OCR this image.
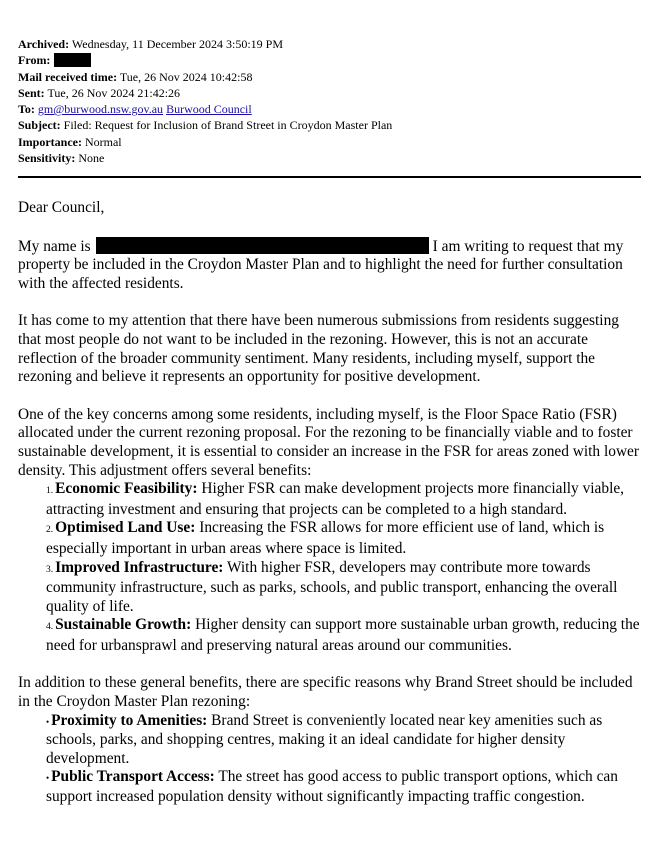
Archived: Wednesday, 11 December 2024 3:50:19 PM
From:
Mail received time: Tue, 26 Nov 2024 10:42:58
Sent: Tue, 26 Nov 2024 21:42:26
To: gm@burwood.nsw.gov.au Burwood Council
Subject: Filed: Request for Inclusion of Brand Street in Croydon Master Plan
Importance: Normal
Sensitivity: None

Dear Council,

My name is	I am writing to request that my property be included in the Croydon Master Plan and to highlight the need for further consultation with the affected residents.

It has come to my attention that there have been numerous submissions from residents suggesting that most people do not want to be included in the rezoning. However, this is not an accurate reflection of the broader community sentiment. Many residents, including myself, support the rezoning and believe it represents an opportunity for positive development.

One of the key concerns among some residents, including myself, is the Floor Space Ratio (FSR) allocated under the current rezoning proposal. For the rezoning to be financially viable and to foster sustainable development, it is essential to consider an increase in the FSR for areas zoned with lower density. This adjustment offers several benefits:

1. Economic Feasibility: Higher FSR can make development projects more financially viable, attracting investment and ensuring that projects can be completed to a high standard.
2. Optimised Land Use: Increasing the FSR allows for more efficient use of land, which is especially important in urban areas where space is limited.
3. Improved Infrastructure: With higher FSR, developers may contribute more towards community infrastructure, such as parks, schools, and public transport, enhancing the overall quality of life.
4. Sustainable Growth: Higher density can support more sustainable urban growth, reducing the need for urbansprawl and preserving natural areas around our communities.

In addition to these general benefits, there are specific reasons why Brand Street should be included in the Croydon Master Plan rezoning:

• Proximity to Amenities: Brand Street is conveniently located near key amenities such as schools, parks, and shopping centres, making it an ideal candidate for higher density development.
• Public Transport Access: The street has good access to public transport options, which can support increased population density without significantly impacting traffic congestion.
